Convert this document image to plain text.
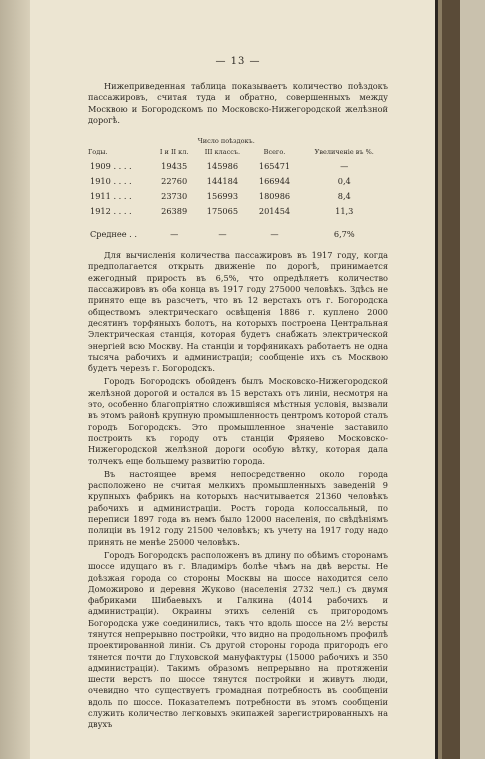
— 13 —

Нижеприведенная таблица показываетъ количество поѣздокъ пассажировъ, считая туда и обратно, совершенныхъ между Москвою и Богородскомъ по Московско-Нижегородской желѣзной дорогѣ.

	Число поѣздокъ.			
Годы.	I и II кл.	III классъ.	Всего.	Увеличеніе въ %.
1909 . . . .	19435	145986	165471	—
1910 . . . .	22760	144184	166944	0,4
1911 . . . .	23730	156993	180986	8,4
1912 . . . .	26389	175065	201454	11,3
Среднее . .	—	—	—	6,7%

Для вычисленія количества пассажировъ въ 1917 году, когда предполагается открыть движеніе по дорогѣ, принимается ежегодный прирость въ 6,5%, что опредѣляетъ количество пассажировъ въ оба конца въ 1917 году 275000 человѣкъ. Здѣсь не принято еще въ разсчетъ, что въ 12 верстахъ отъ г. Богородска обществомъ электрическаго освѣщенія 1886 г. куплено 2000 десятинъ торфяныхъ болотъ, на которыхъ построена Центральная Электрическая станція, которая будетъ снабжать электрической энергіей всю Москву. На станціи и торфяникахъ работаетъ не одна тысяча рабочихъ и администраціи; сообщеніе ихъ съ Москвою будетъ черезъ г. Богородскъ.

Городъ Богородскъ обойденъ былъ Московско-Нижегородской желѣзной дорогой и остался въ 15 верстахъ отъ линіи, несмотря на это, особенно благопріятно сложившіяся мѣстныя условія, вызвали въ этомъ районѣ крупную промышленность центромъ которой сталъ городъ Богородскъ. Это промышленное значеніе заставило построить къ городу отъ станціи Фряяево Московско-Нижегородской желѣзной дороги особую вѣтку, которая дала толчекъ еще большему развитію города.

Въ настоящее время непосредственно около города расположено не считая мелкихъ промышленныхъ заведеній 9 крупныхъ фабрикъ на которыхъ насчитывается 21360 человѣкъ рабочихъ и администраціи. Ростъ города колоссальный, по переписи 1897 года въ немъ было 12000 населенія, по свѣдѣніямъ полиціи въ 1912 году 21500 человѣкъ; къ учету на 1917 году надо принять не менѣе 25000 человѣкъ.

Городъ Богородскъ расположенъ въ длину по обѣимъ сторонамъ шоссе идущаго въ г. Владиміръ болѣе чѣмъ на двѣ версты. Не доѣзжая города со стороны Москвы на шоссе находится село Доможирово и деревня Жуково (населенія 2732 чел.) съ двумя фабриками Шибаевыхъ и Галкина (4014 рабочихъ и администраціи). Окраины этихъ селеній съ пригородомъ Богородска уже соединились, такъ что вдоль шоссе на 2½ версты тянутся непрерывно постройки, что видно на продольномъ профилѣ проектированной линіи. Съ другой стороны города пригородъ его тянется почти до Глуховской мануфактуры (15000 рабочихъ и 350 администраціи). Такимъ образомъ непрерывно на протяженіи шести верстъ по шоссе тянутся постройки и живутъ люди, очевидно что существуетъ громадная потребность въ сообщеніи вдоль по шоссе. Показателемъ потребности въ этомъ сообщеніи служить количество легковыхъ экипажей зарегистрированныхъ на двухъ
